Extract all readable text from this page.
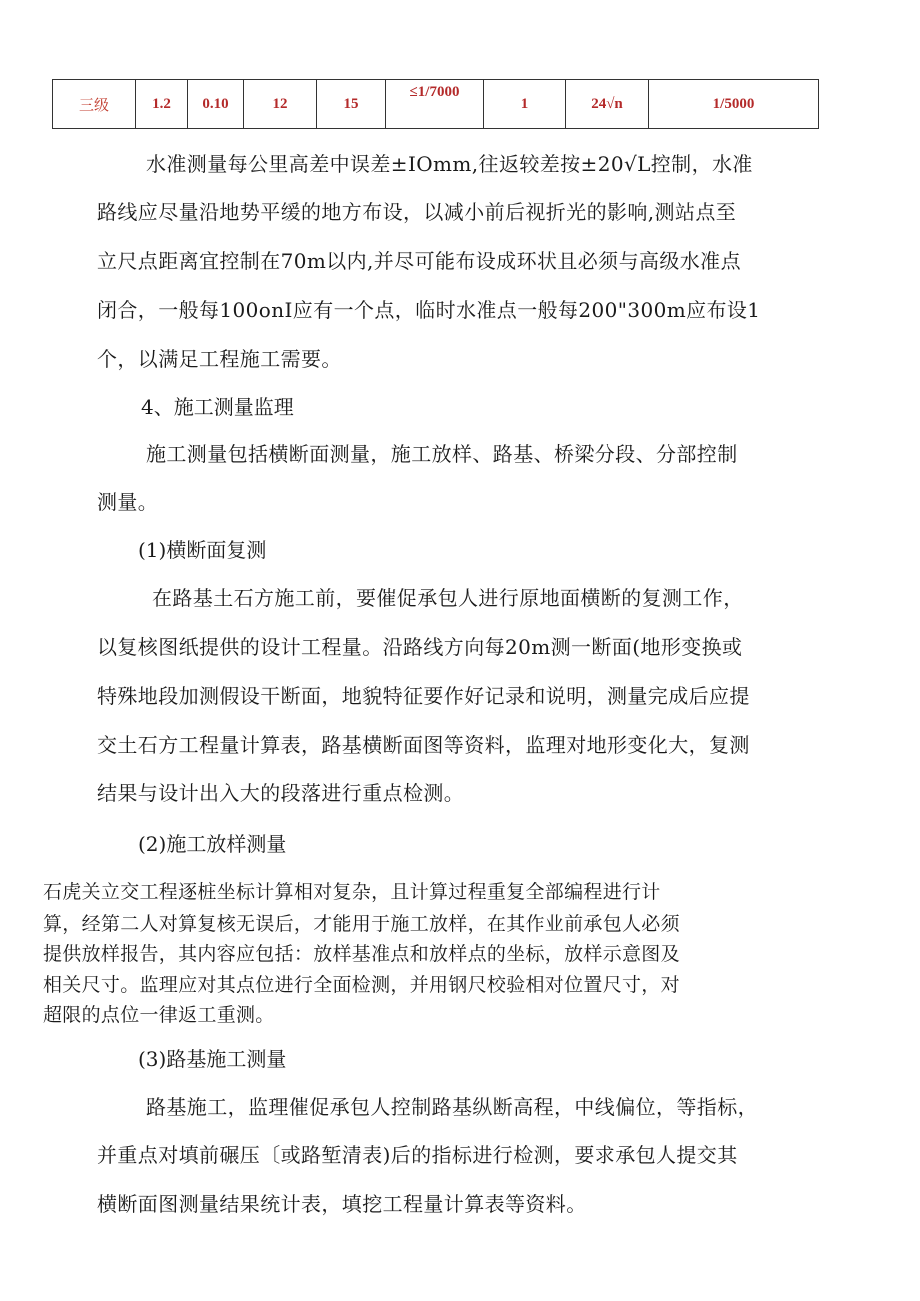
三级	1.2	0.10	12	15	≤1/7000	1	24√n	1/5000
水准测量每公里高差中误差±IOmm,往返较差按±20√L控制，水准
路线应尽量沿地势平缓的地方布设，以减小前后视折光的影响,测站点至
立尺点距离宜控制在70m以内,并尽可能布设成环状且必须与高级水准点
闭合，一般每100onI应有一个点，临时水准点一般每200"300m应布设1
个，以满足工程施工需要。
4、施工测量监理
施工测量包括横断面测量，施工放样、路基、桥梁分段、分部控制
测量。
(1)横断面复测
在路基土石方施工前，要催促承包人进行原地面横断的复测工作，
以复核图纸提供的设计工程量。沿路线方向每20m测一断面(地形变换或
特殊地段加测假设干断面，地貌特征要作好记录和说明，测量完成后应提
交土石方工程量计算表，路基横断面图等资料，监理对地形变化大，复测
结果与设计出入大的段落进行重点检测。
(2)施工放样测量
石虎关立交工程逐桩坐标计算相对复杂，且计算过程重复全部编程进行计
算，经第二人对算复核无误后，才能用于施工放样，在其作业前承包人必须
提供放样报告，其内容应包括：放样基准点和放样点的坐标，放样示意图及
相关尺寸。监理应对其点位进行全面检测，并用钢尺校验相对位置尺寸，对
超限的点位一律返工重测。
(3)路基施工测量
路基施工，监理催促承包人控制路基纵断高程，中线偏位，等指标，
并重点对填前碾压〔或路堑清表)后的指标进行检测，要求承包人提交其
横断面图测量结果统计表，填挖工程量计算表等资料。
